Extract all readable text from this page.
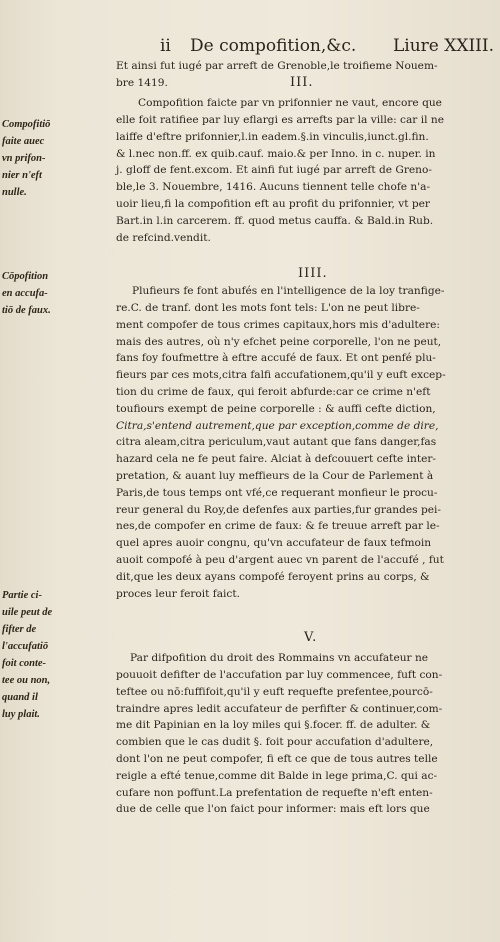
ii De compofition,&c. Liure XXIII.
Et ainsi fut iugé par arreft de Grenoble,le troifieme Nouem-
bre 1419.	III.
Compofition faicte par vn prifonnier ne vaut, encore que
elle foit ratifiee par luy eflargi es arrefts par la ville: car il ne
laiffe d'eftre prifonnier,l.in eadem.§.in vinculis,iunct.gl.fin.
& l.nec non.ff. ex quib.cauf. maio.& per Inno. in c. nuper. in
j. gloff de fent.excom. Et ainfi fut iugé par arreft de Greno-
ble,le 3. Nouembre, 1416. Aucuns tiennent telle chofe n'a-
uoir lieu,fi la compofition eft au profit du prifonnier, vt per
Bart.in l.in carcerem. ff. quod metus cauffa. & Bald.in Rub.
de refcind.vendit.
Compofitiō
faite auec
vn prifon-
nier n'eft
nulle.
IIII.
Cōpofition
en accufa-
tiō de faux.
Plufieurs fe font abufés en l'intelligence de la loy tranfige-
re.C. de tranf. dont les mots font tels: L'on ne peut libre-
ment compofer de tous crimes capitaux,hors mis d'adultere:
mais des autres, où n'y efchet peine corporelle, l'on ne peut,
fans foy foufmettre à eftre accufé de faux. Et ont penfé plu-
fieurs par ces mots,citra falfi accufationem,qu'il y euft excep-
tion du crime de faux, qui feroit abfurde:car ce crime n'eft
toufiours exempt de peine corporelle : & auffi cefte diction,
Citra,s'entend autrement,que par exception,comme de dire,
citra aleam,citra periculum,vaut autant que fans danger,fas
hazard cela ne fe peut faire. Alciat à defcouuert cefte inter-
pretation, & auant luy meffieurs de la Cour de Parlement à
Paris,de tous temps ont vfé,ce requerant monfieur le procu-
reur general du Roy,de defenfes aux parties,fur grandes pei-
nes,de compofer en crime de faux: & fe treuue arreft par le-
quel apres auoir congnu, qu'vn accufateur de faux tefmoin
auoit compofé à peu d'argent auec vn parent de l'accufé , fut
dit,que les deux ayans compofé feroyent prins au corps, &
proces leur feroit faict.
Partie ci-
uile peut de
fifter de
l'accufatiō
foit conte-
tee ou non,
quand il
luy plait.
V.
Par difpofition du droit des Rommains vn accufateur ne
pouuoit defifter de l'accufation par luy commencee, fuft con-
teftee ou nō:fuffifoit,qu'il y euft requefte prefentee,pourcō-
traindre apres ledit accufateur de perfifter & continuer,com-
me dit Papinian en la loy miles qui §.focer. ff. de adulter. &
combien que le cas dudit §. foit pour accufation d'adultere,
dont l'on ne peut compofer, fi eft ce que de tous autres telle
reigle a efté tenue,comme dit Balde in lege prima,C. qui ac-
cufare non poffunt.La prefentation de requefte n'eft enten-
due de celle que l'on faict pour informer: mais eft lors que
